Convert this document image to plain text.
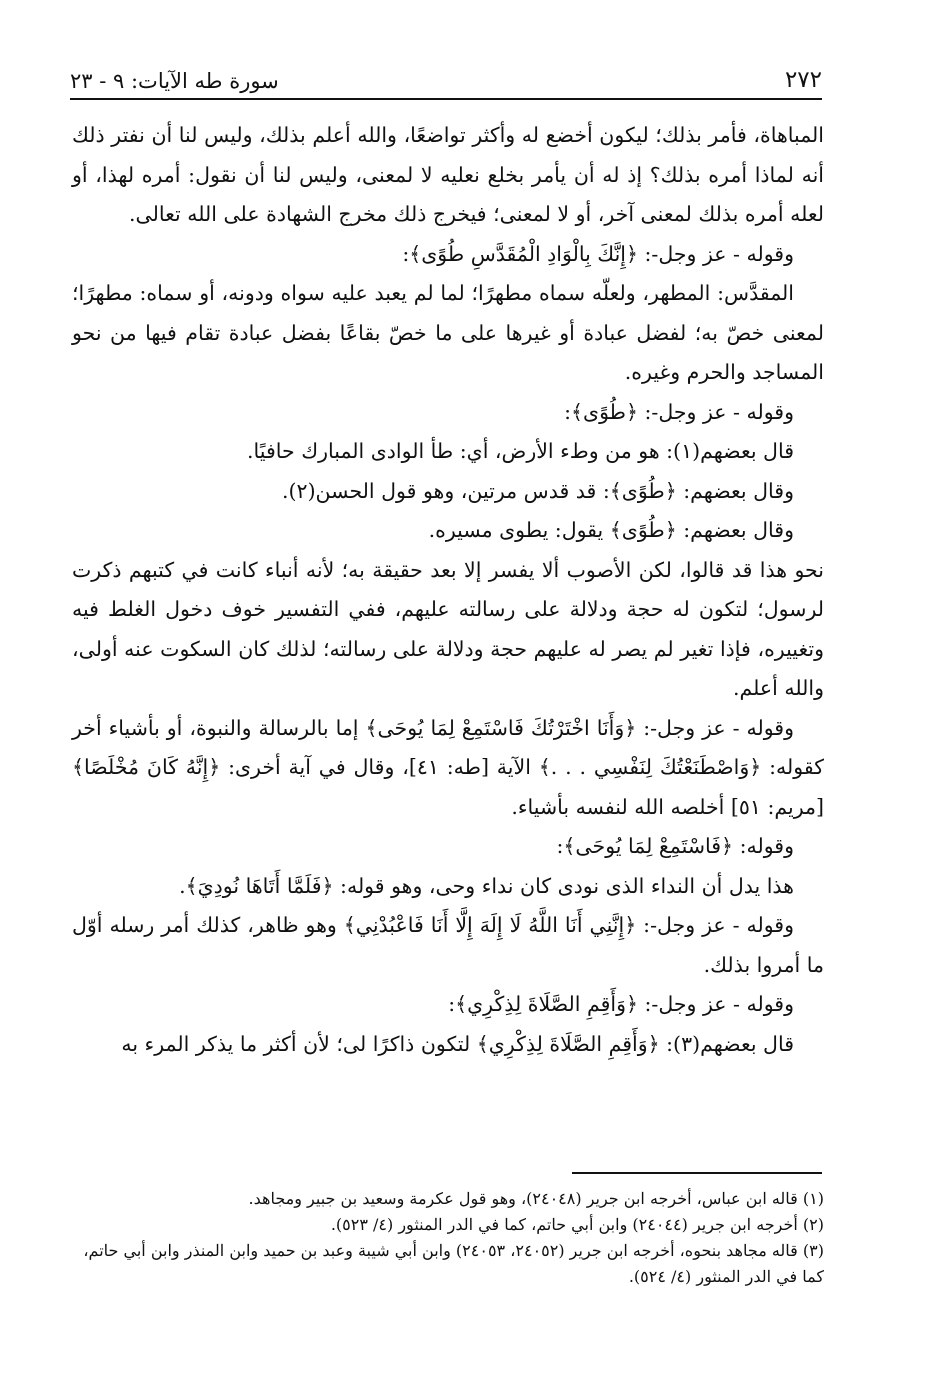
٢٧٢
سورة طه الآيات: ٩ - ٢٣

المباهاة، فأمر بذلك؛ ليكون أخضع له وأكثر تواضعًا، والله أعلم بذلك، وليس لنا أن نفتر ذلك أنه لماذا أمره بذلك؟ إذ له أن يأمر بخلع نعليه لا لمعنى، وليس لنا أن نقول: أمره لهذا، أو لعله أمره بذلك لمعنى آخر، أو لا لمعنى؛ فيخرج ذلك مخرج الشهادة على الله تعالى.

وقوله - عز وجل-: ﴿إِنَّكَ بِالْوَادِ الْمُقَدَّسِ طُوًى﴾:

المقدَّس: المطهر، ولعلّه سماه مطهرًا؛ لما لم يعبد عليه سواه ودونه، أو سماه: مطهرًا؛ لمعنى خصّ به؛ لفضل عبادة أو غيرها على ما خصّ بقاعًا بفضل عبادة تقام فيها من نحو المساجد والحرم وغيره.

وقوله - عز وجل-: ﴿طُوًى﴾:

قال بعضهم(١): هو من وطء الأرض، أي: طأ الوادى المبارك حافيًا.

وقال بعضهم: ﴿طُوًى﴾: قد قدس مرتين، وهو قول الحسن(٢).

وقال بعضهم: ﴿طُوًى﴾ يقول: يطوى مسيره.

نحو هذا قد قالوا، لكن الأصوب ألا يفسر إلا بعد حقيقة به؛ لأنه أنباء كانت في كتبهم ذكرت لرسول؛ لتكون له حجة ودلالة على رسالته عليهم، ففي التفسير خوف دخول الغلط فيه وتغييره، فإذا تغير لم يصر له عليهم حجة ودلالة على رسالته؛ لذلك كان السكوت عنه أولى، والله أعلم.

وقوله - عز وجل-: ﴿وَأَنَا اخْتَرْتُكَ فَاسْتَمِعْ لِمَا يُوحَى﴾ إما بالرسالة والنبوة، أو بأشياء أخر كقوله: ﴿وَاصْطَنَعْتُكَ لِنَفْسِي . . .﴾ الآية [طه: ٤١]، وقال في آية أخرى: ﴿إِنَّهُ كَانَ مُخْلَصًا﴾ [مريم: ٥١] أخلصه الله لنفسه بأشياء.

وقوله: ﴿فَاسْتَمِعْ لِمَا يُوحَى﴾:

هذا يدل أن النداء الذى نودى كان نداء وحى، وهو قوله: ﴿فَلَمَّا أَتَاهَا نُودِيَ﴾.

وقوله - عز وجل-: ﴿إِنَّنِي أَنَا اللَّهُ لَا إِلَهَ إِلَّا أَنَا فَاعْبُدْنِي﴾ وهو ظاهر، كذلك أمر رسله أوّل ما أمروا بذلك.

وقوله - عز وجل-: ﴿وَأَقِمِ الصَّلَاةَ لِذِكْرِي﴾:

قال بعضهم(٣): ﴿وَأَقِمِ الصَّلَاةَ لِذِكْرِي﴾ لتكون ذاكرًا لى؛ لأن أكثر ما يذكر المرء به

(١) قاله ابن عباس، أخرجه ابن جرير (٢٤٠٤٨)، وهو قول عكرمة وسعيد بن جبير ومجاهد.

(٢) أخرجه ابن جرير (٢٤٠٤٤) وابن أبي حاتم، كما في الدر المنثور (٤/ ٥٢٣).

(٣) قاله مجاهد بنحوه، أخرجه ابن جرير (٢٤٠٥٢، ٢٤٠٥٣) وابن أبي شيبة وعبد بن حميد وابن المنذر وابن أبي حاتم، كما في الدر المنثور (٤/ ٥٢٤).
